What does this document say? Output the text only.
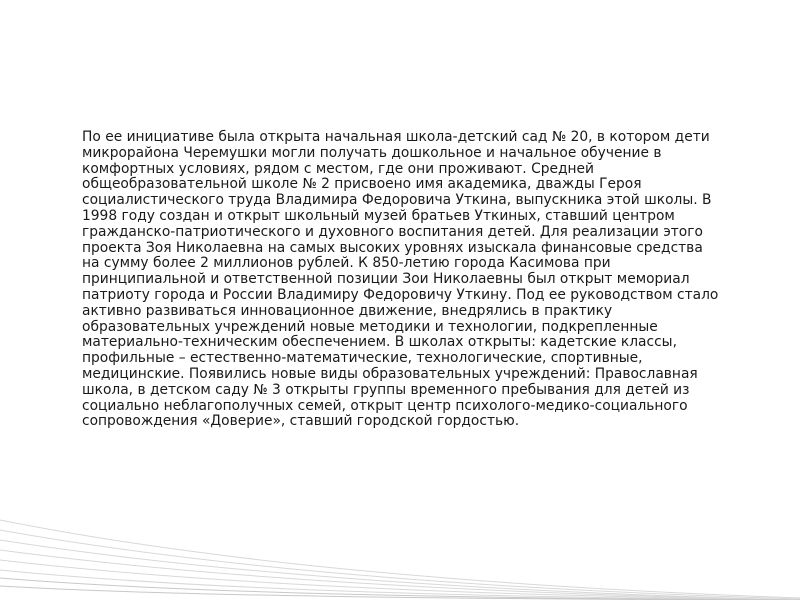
По ее инициативе была открыта начальная школа-детский сад № 20, в котором дети
микрорайона Черемушки могли получать дошкольное и начальное обучение в
комфортных условиях, рядом с местом, где они проживают. Средней
общеобразовательной школе № 2 присвоено имя академика, дважды Героя
социалистического труда Владимира Федоровича Уткина, выпускника этой школы. В
1998 году создан и открыт школьный музей братьев Уткиных, ставший центром
гражданско-патриотического и духовного воспитания детей. Для реализации этого
проекта Зоя Николаевна на самых высоких уровнях изыскала финансовые средства
на сумму более 2 миллионов рублей. К 850-летию города Касимова при
принципиальной и ответственной позиции Зои Николаевны был открыт мемориал
патриоту города и России Владимиру Федоровичу Уткину. Под ее руководством стало
активно развиваться инновационное движение, внедрялись в практику
образовательных учреждений новые методики и технологии, подкрепленные
материально-техническим обеспечением. В школах открыты: кадетские классы,
профильные – естественно-математические, технологические, спортивные,
медицинские. Появились новые виды образовательных учреждений: Православная
школа, в детском саду № 3 открыты группы временного пребывания для детей из
социально неблагополучных семей, открыт центр психолого-медико-социального
сопровождения «Доверие», ставший городской гордостью.
